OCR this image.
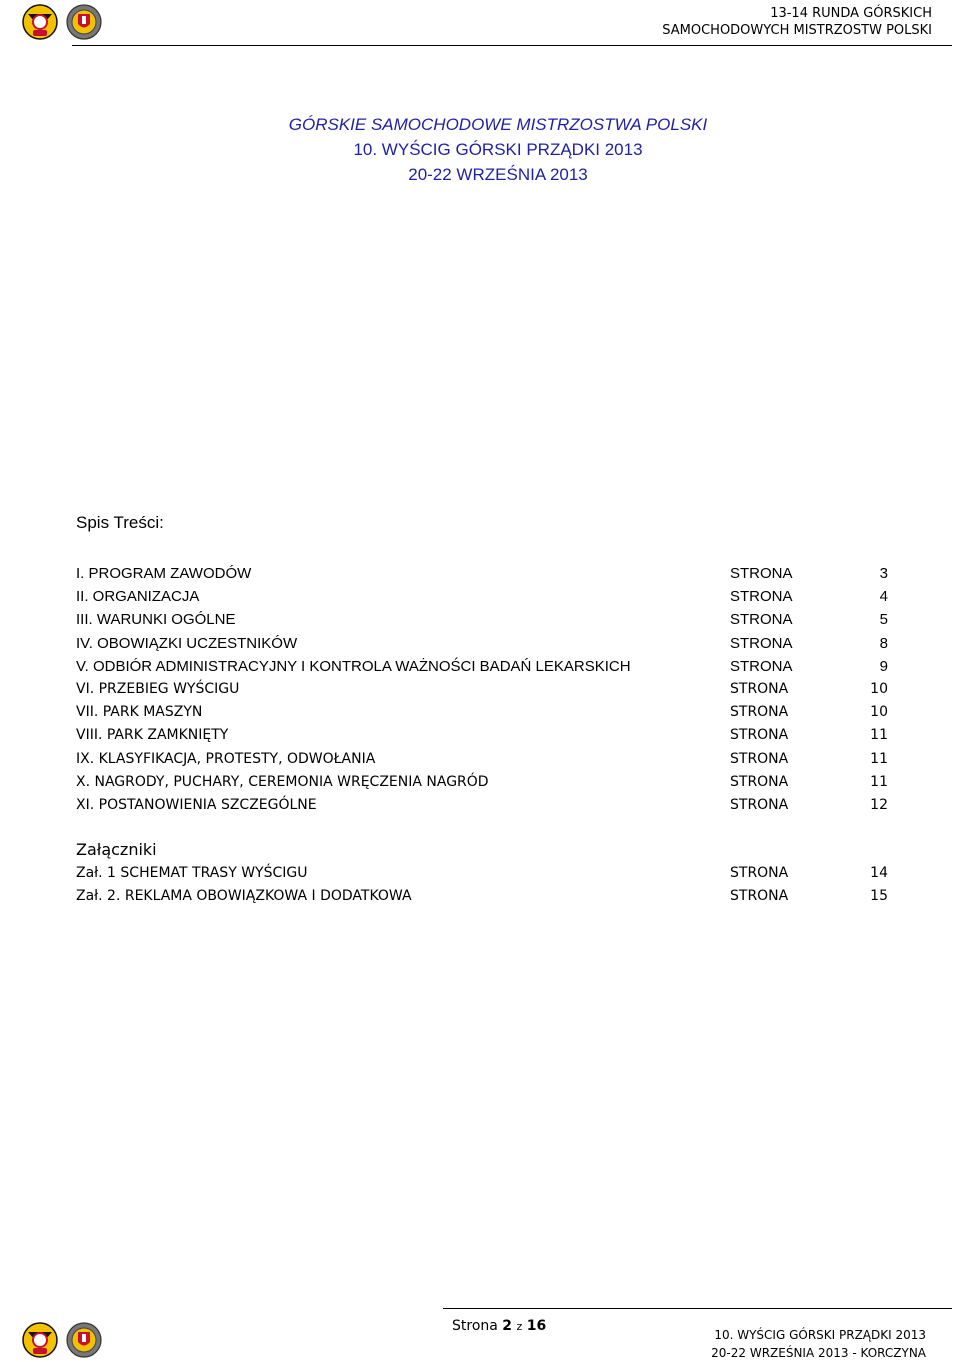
13-14 RUNDA GÓRSKICH
SAMOCHODOWYCH MISTRZOSTW POLSKI
GÓRSKIE SAMOCHODOWE MISTRZOSTWA POLSKI
10. WYŚCIG GÓRSKI PRZĄDKI 2013
20-22 WRZEŚNIA 2013
Spis Treści:
I. PROGRAM ZAWODÓW	STRONA	3
II. ORGANIZACJA	STRONA	4
III. WARUNKI OGÓLNE	STRONA	5
IV. OBOWIĄZKI UCZESTNIKÓW	STRONA	8
V. ODBIÓR ADMINISTRACYJNY I KONTROLA WAŻNOŚCI BADAŃ LEKARSKICH	STRONA	9
VI. PRZEBIEG WYŚCIGU	STRONA	10
VII. PARK MASZYN	STRONA	10
VIII. PARK ZAMKNIĘTY	STRONA	11
IX. KLASYFIKACJA, PROTESTY, ODWOŁANIA	STRONA	11
X. NAGRODY, PUCHARY, CEREMONIA WRĘCZENIA NAGRÓD	STRONA	11
XI. POSTANOWIENIA SZCZEGÓLNE	STRONA	12
Załączniki
Zał. 1 SCHEMAT TRASY WYŚCIGU	STRONA	14
Zał. 2. REKLAMA OBOWIĄZKOWA I DODATKOWA	STRONA	15
Strona 2 z 16
10. WYŚCIG GÓRSKI PRZĄDKI 2013
20-22 WRZEŚNIA 2013 - KORCZYNA
